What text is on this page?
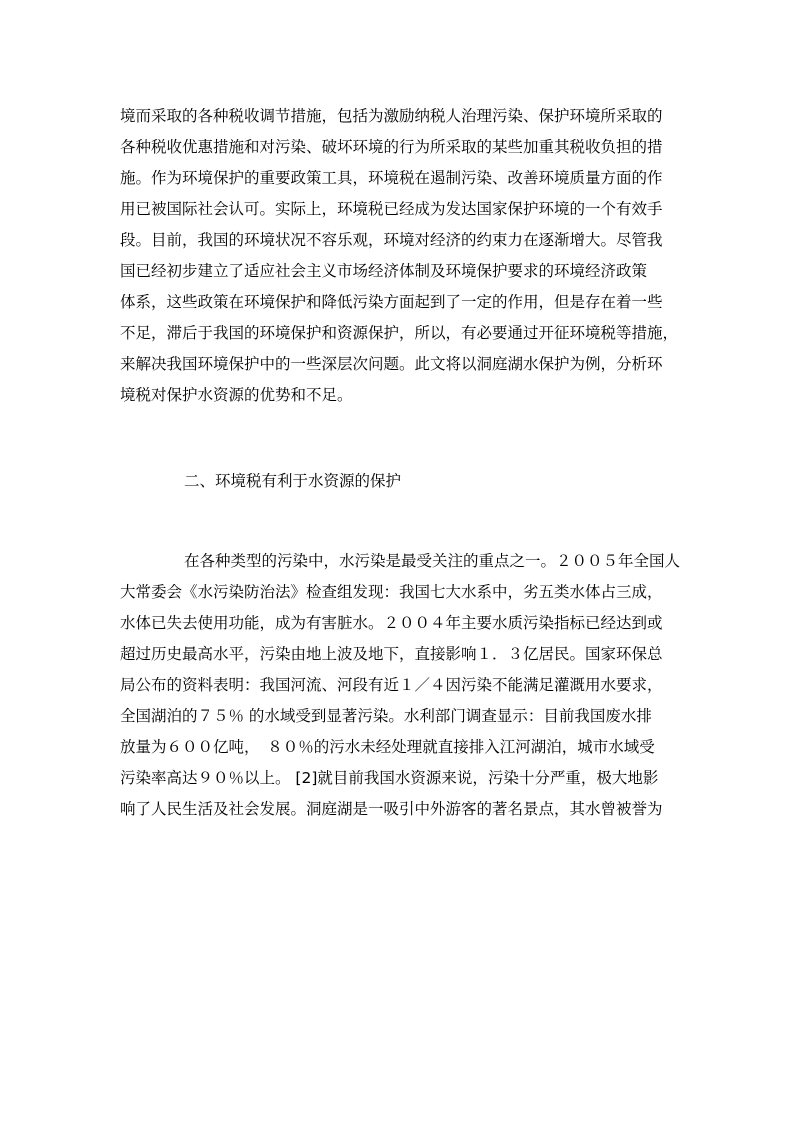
境而采取的各种税收调节措施，包括为激励纳税人治理污染、保护环境所采取的
各种税收优惠措施和对污染、破坏环境的行为所采取的某些加重其税收负担的措
施。作为环境保护的重要政策工具，环境税在遏制污染、改善环境质量方面的作
用已被国际社会认可。实际上，环境税已经成为发达国家保护环境的一个有效手
段。目前，我国的环境状况不容乐观，环境对经济的约束力在逐渐增大。尽管我
国已经初步建立了适应社会主义市场经济体制及环境保护要求的环境经济政策
体系，这些政策在环境保护和降低污染方面起到了一定的作用，但是存在着一些
不足，滞后于我国的环境保护和资源保护，所以，有必要通过开征环境税等措施，
来解决我国环境保护中的一些深层次问题。此文将以洞庭湖水保护为例，分析环
境税对保护水资源的优势和不足。
二、环境税有利于水资源的保护
在各种类型的污染中，水污染是最受关注的重点之一。２００５年全国人
大常委会《水污染防治法》检查组发现：我国七大水系中，劣五类水体占三成，
水体已失去使用功能，成为有害脏水。２００４年主要水质污染指标已经达到或
超过历史最高水平，污染由地上波及地下，直接影响１．３亿居民。国家环保总
局公布的资料表明：我国河流、河段有近１／４因污染不能满足灌溉用水要求，
全国湖泊的７５％ 的水域受到显著污染。水利部门调查显示：目前我国废水排
放量为６００亿吨，　８０％的污水未经处理就直接排入江河湖泊，城市水域受
污染率高达９０％以上。 [2]就目前我国水资源来说，污染十分严重，极大地影
响了人民生活及社会发展。洞庭湖是一吸引中外游客的著名景点，其水曾被誉为
